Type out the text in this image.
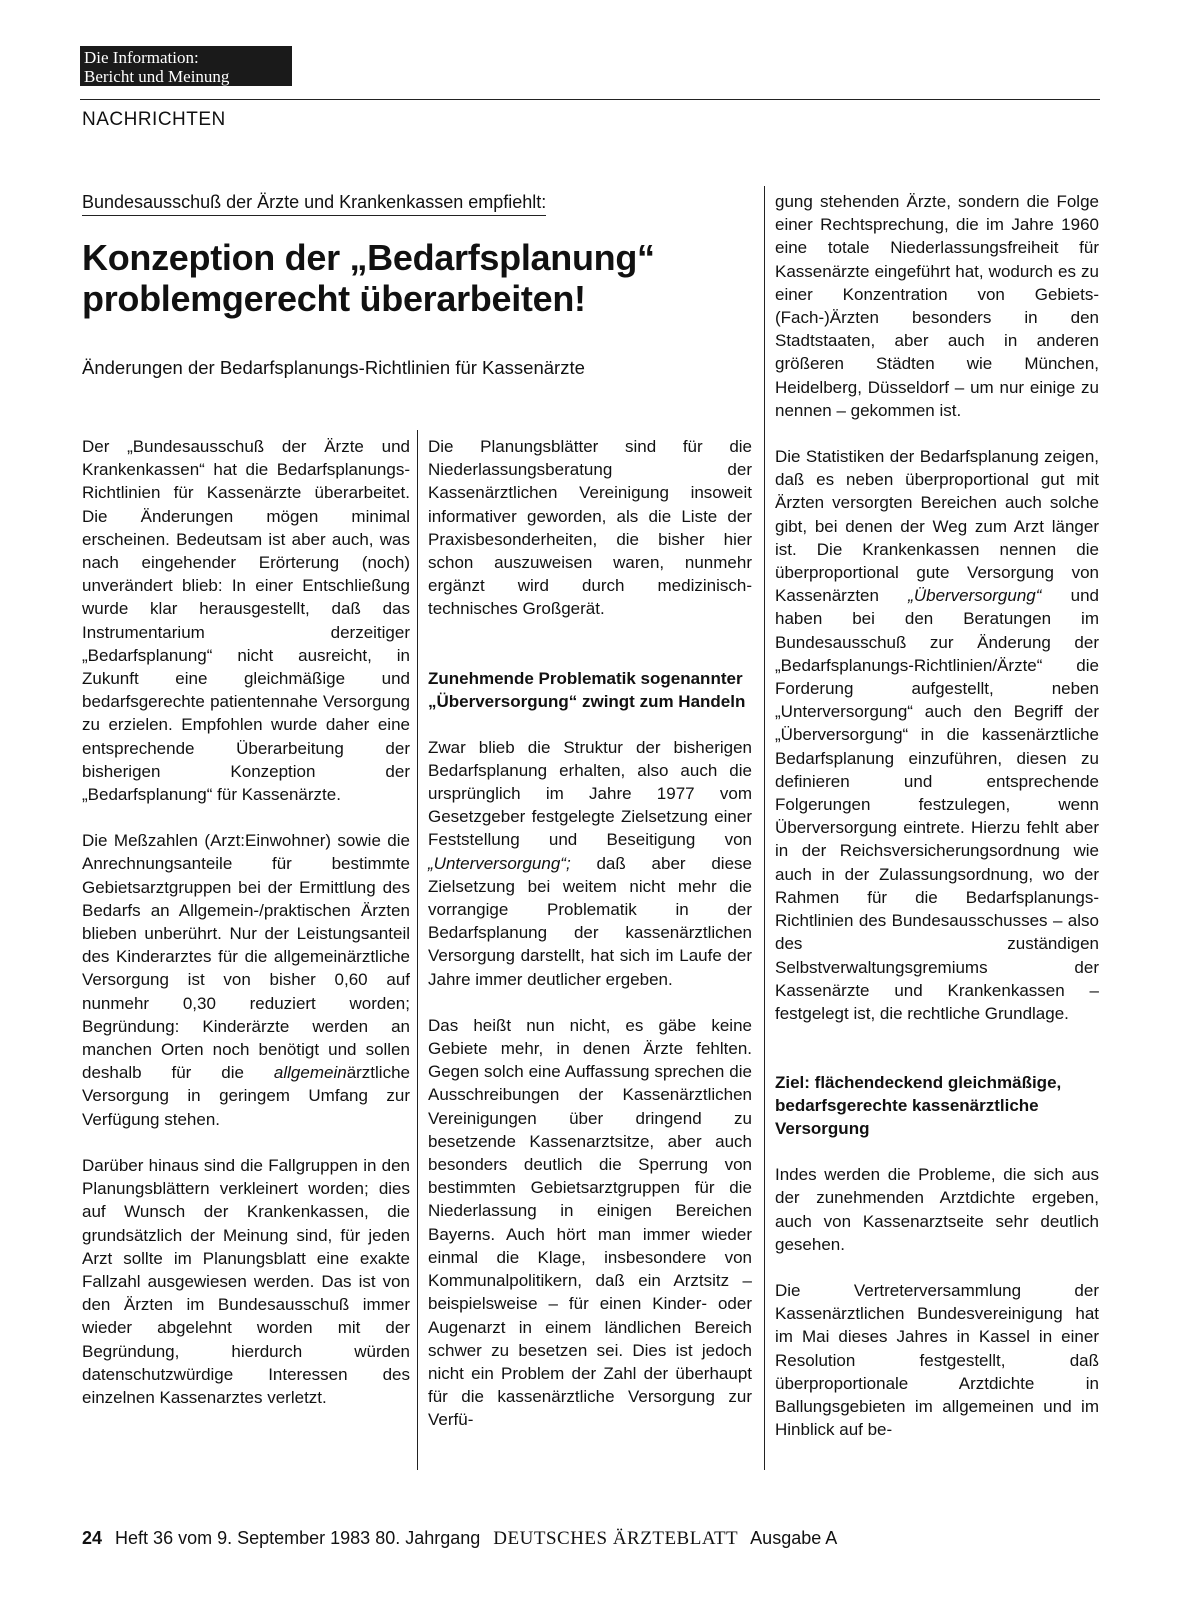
Die Information:
Bericht und Meinung
NACHRICHTEN
Bundesausschuß der Ärzte und Krankenkassen empfiehlt:
Konzeption der „Bedarfsplanung“
problemgerecht überarbeiten!
Änderungen der Bedarfsplanungs-Richtlinien für Kassenärzte

Der „Bundesausschuß der Ärzte und Krankenkassen“ hat die Bedarfsplanungs-Richtlinien für Kassenärzte überarbeitet. Die Änderungen mögen minimal erscheinen. Bedeutsam ist aber auch, was nach eingehender Erörterung (noch) unverändert blieb: In einer Entschließung wurde klar herausgestellt, daß das Instrumentarium derzeitiger „Bedarfsplanung“ nicht ausreicht, in Zukunft eine gleichmäßige und bedarfsgerechte patientennahe Versorgung zu erzielen. Empfohlen wurde daher eine entsprechende Überarbeitung der bisherigen Konzeption der „Bedarfsplanung“ für Kassenärzte.

Die Meßzahlen (Arzt:Einwohner) sowie die Anrechnungsanteile für bestimmte Gebietsarztgruppen bei der Ermittlung des Bedarfs an Allgemein-/praktischen Ärzten blieben unberührt. Nur der Leistungsanteil des Kinderarztes für die allgemeinärztliche Versorgung ist von bisher 0,60 auf nunmehr 0,30 reduziert worden; Begründung: Kinderärzte werden an manchen Orten noch benötigt und sollen deshalb für die allgemeinärztliche Versorgung in geringem Umfang zur Verfügung stehen.

Darüber hinaus sind die Fallgruppen in den Planungsblättern verkleinert worden; dies auf Wunsch der Krankenkassen, die grundsätzlich der Meinung sind, für jeden Arzt sollte im Planungsblatt eine exakte Fallzahl ausgewiesen werden. Das ist von den Ärzten im Bundesausschuß immer wieder abgelehnt worden mit der Begründung, hierdurch würden datenschutzwürdige Interessen des einzelnen Kassenarztes verletzt.

Die Planungsblätter sind für die Niederlassungsberatung der Kassenärztlichen Vereinigung insoweit informativer geworden, als die Liste der Praxisbesonderheiten, die bisher hier schon auszuweisen waren, nunmehr ergänzt wird durch medizinisch-technisches Großgerät.

Zunehmende Problematik sogenannter „Überversorgung“ zwingt zum Handeln

Zwar blieb die Struktur der bisherigen Bedarfsplanung erhalten, also auch die ursprünglich im Jahre 1977 vom Gesetzgeber festgelegte Zielsetzung einer Feststellung und Beseitigung von „Unterversorgung“; daß aber diese Zielsetzung bei weitem nicht mehr die vorrangige Problematik in der Bedarfsplanung der kassenärztlichen Versorgung darstellt, hat sich im Laufe der Jahre immer deutlicher ergeben.

Das heißt nun nicht, es gäbe keine Gebiete mehr, in denen Ärzte fehlten. Gegen solch eine Auffassung sprechen die Ausschreibungen der Kassenärztlichen Vereinigungen über dringend zu besetzende Kassenarztsitze, aber auch besonders deutlich die Sperrung von bestimmten Gebietsarztgruppen für die Niederlassung in einigen Bereichen Bayerns. Auch hört man immer wieder einmal die Klage, insbesondere von Kommunalpolitikern, daß ein Arztsitz – beispielsweise – für einen Kinder- oder Augenarzt in einem ländlichen Bereich schwer zu besetzen sei. Dies ist jedoch nicht ein Problem der Zahl der überhaupt für die kassenärztliche Versorgung zur Verfü-

gung stehenden Ärzte, sondern die Folge einer Rechtsprechung, die im Jahre 1960 eine totale Niederlassungsfreiheit für Kassenärzte eingeführt hat, wodurch es zu einer Konzentration von Gebiets-(Fach-)Ärzten besonders in den Stadtstaaten, aber auch in anderen größeren Städten wie München, Heidelberg, Düsseldorf – um nur einige zu nennen – gekommen ist.

Die Statistiken der Bedarfsplanung zeigen, daß es neben überproportional gut mit Ärzten versorgten Bereichen auch solche gibt, bei denen der Weg zum Arzt länger ist. Die Krankenkassen nennen die überproportional gute Versorgung von Kassenärzten „Überversorgung“ und haben bei den Beratungen im Bundesausschuß zur Änderung der „Bedarfsplanungs-Richtlinien/Ärzte“ die Forderung aufgestellt, neben „Unterversorgung“ auch den Begriff der „Überversorgung“ in die kassenärztliche Bedarfsplanung einzuführen, diesen zu definieren und entsprechende Folgerungen festzulegen, wenn Überversorgung eintrete. Hierzu fehlt aber in der Reichsversicherungsordnung wie auch in der Zulassungsordnung, wo der Rahmen für die Bedarfsplanungs-Richtlinien des Bundesausschusses – also des zuständigen Selbstverwaltungsgremiums der Kassenärzte und Krankenkassen – festgelegt ist, die rechtliche Grundlage.

Ziel: flächendeckend gleichmäßige, bedarfsgerechte kassenärztliche Versorgung

Indes werden die Probleme, die sich aus der zunehmenden Arztdichte ergeben, auch von Kassenarztseite sehr deutlich gesehen.

Die Vertreterversammlung der Kassenärztlichen Bundesvereinigung hat im Mai dieses Jahres in Kassel in einer Resolution festgestellt, daß überproportionale Arztdichte in Ballungsgebieten im allgemeinen und im Hinblick auf be-

24 Heft 36 vom 9. September 1983 80. Jahrgang DEUTSCHES ÄRZTEBLATT Ausgabe A
